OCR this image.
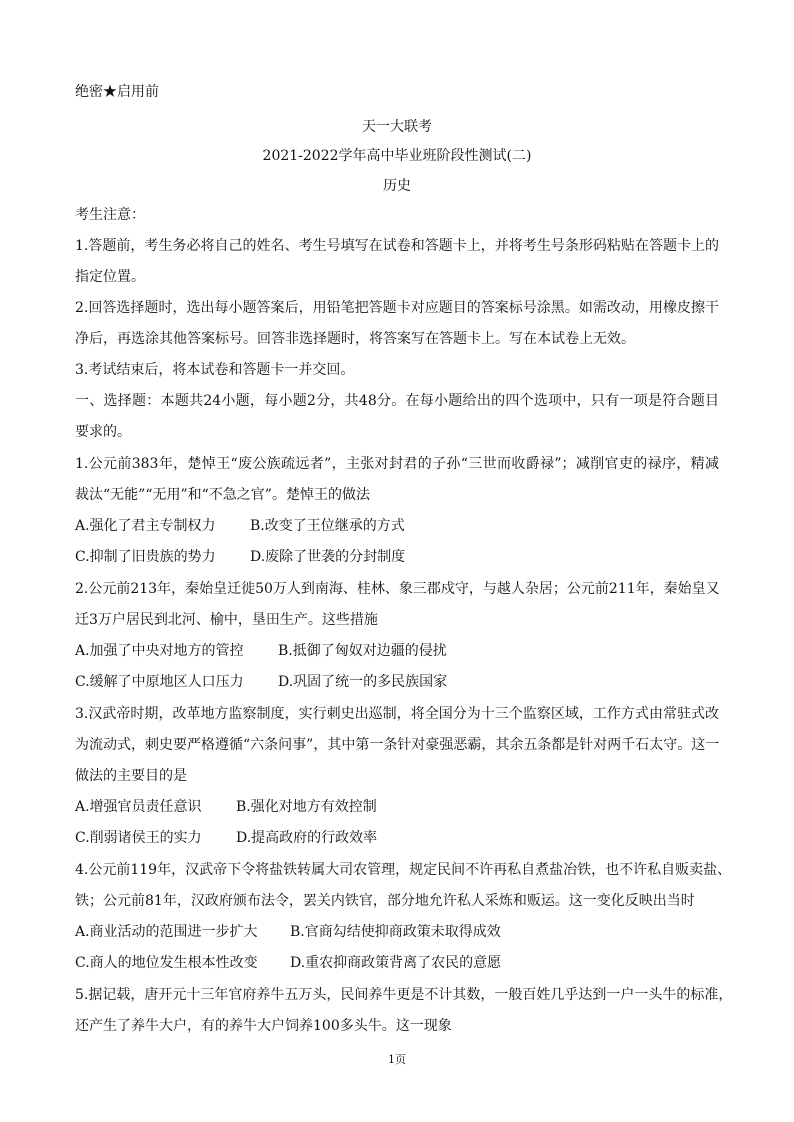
绝密★启用前
天一大联考
2021-2022学年高中毕业班阶段性测试(二)
历史
考生注意：
1.答题前，考生务必将自己的姓名、考生号填写在试卷和答题卡上，并将考生号条形码粘贴在答题卡上的
指定位置。
2.回答选择题时，选出每小题答案后，用铅笔把答题卡对应题目的答案标号涂黑。如需改动，用橡皮擦干
净后，再选涂其他答案标号。回答非选择题时，将答案写在答题卡上。写在本试卷上无效。
3.考试结束后，将本试卷和答题卡一并交回。
一、选择题：本题共24小题，每小题2分，共48分。在每小题给出的四个选项中，只有一项是符合题目
要求的。
1.公元前383年，楚悼王“废公族疏远者”，主张对封君的子孙“三世而收爵禄”；减削官吏的禄序，精减
裁汰“无能”“无用”和“不急之官”。楚悼王的做法
A.强化了君主专制权力 B.改变了王位继承的方式
C.抑制了旧贵族的势力 D.废除了世袭的分封制度
2.公元前213年，秦始皇迁徙50万人到南海、桂林、象三郡戍守，与越人杂居；公元前211年，秦始皇又
迁3万户居民到北河、榆中，垦田生产。这些措施
A.加强了中央对地方的管控 B.抵御了匈奴对边疆的侵扰
C.缓解了中原地区人口压力 D.巩固了统一的多民族国家
3.汉武帝时期，改革地方监察制度，实行刺史出巡制，将全国分为十三个监察区域，工作方式由常驻式改
为流动式，刺史要严格遵循“六条问事”，其中第一条针对豪强恶霸，其余五条都是针对两千石太守。这一
做法的主要目的是
A.增强官员责任意识 B.强化对地方有效控制
C.削弱诸侯王的实力 D.提高政府的行政效率
4.公元前119年，汉武帝下令将盐铁转属大司农管理，规定民间不许再私自煮盐冶铁，也不许私自贩卖盐、
铁；公元前81年，汉政府颁布法令，罢关内铁官，部分地允许私人采炼和贩运。这一变化反映出当时
A.商业活动的范围进一步扩大 B.官商勾结使抑商政策未取得成效
C.商人的地位发生根本性改变 D.重农抑商政策背离了农民的意愿
5.据记载，唐开元十三年官府养牛五万头，民间养牛更是不计其数，一般百姓几乎达到一户一头牛的标准，
还产生了养牛大户，有的养牛大户饲养100多头牛。这一现象
1页
